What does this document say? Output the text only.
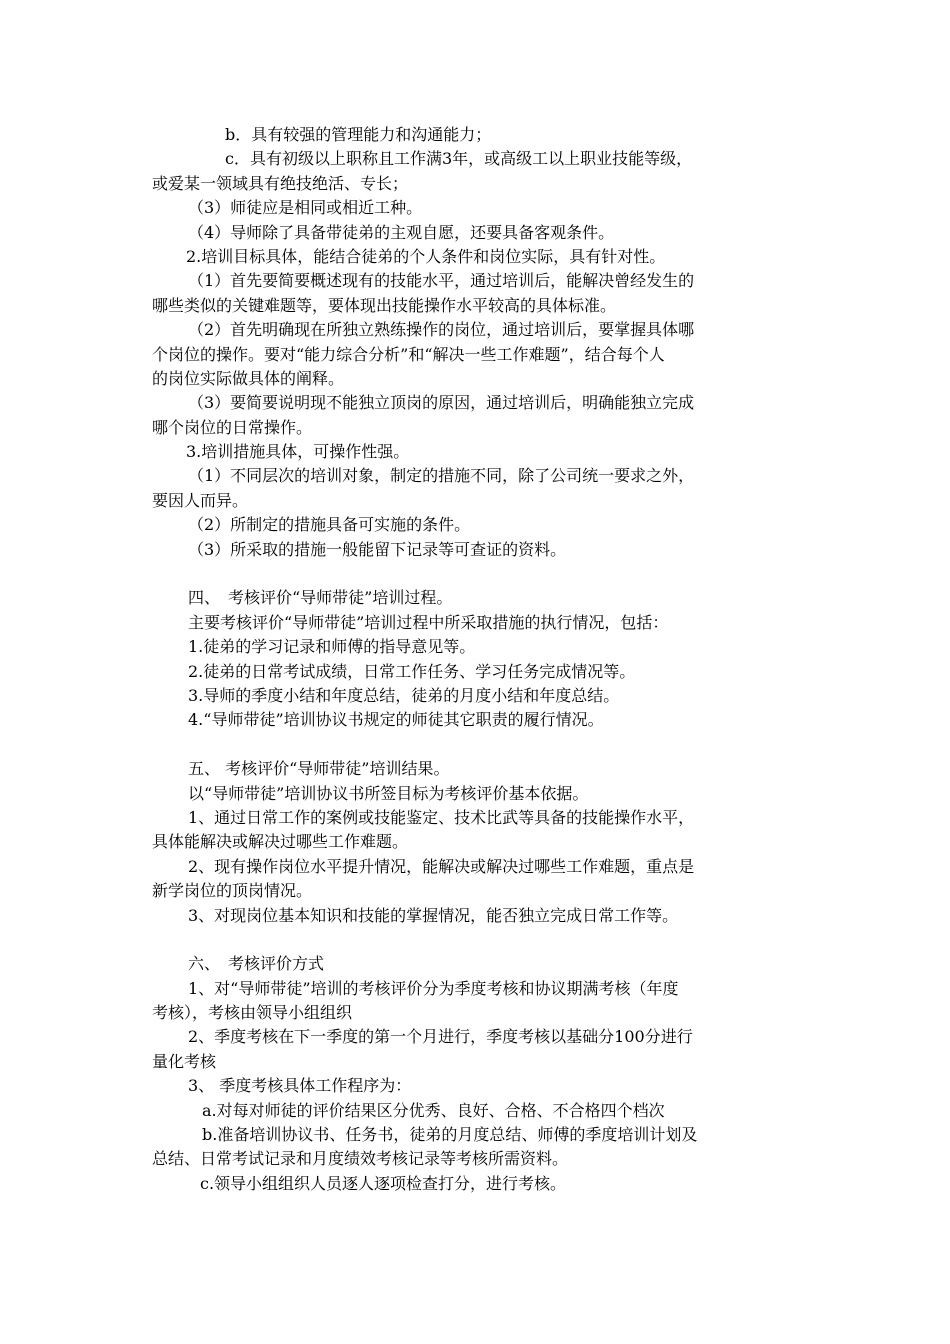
b．具有较强的管理能力和沟通能力；
c．具有初级以上职称且工作满3年，或高级工以上职业技能等级，
或爱某一领域具有绝技绝活、专长；
（3）师徒应是相同或相近工种。
（4）导师除了具备带徒弟的主观自愿，还要具备客观条件。
2.培训目标具体，能结合徒弟的个人条件和岗位实际，具有针对性。
（1）首先要简要概述现有的技能水平，通过培训后，能解决曾经发生的
哪些类似的关键难题等，要体现出技能操作水平较高的具体标准。
（2）首先明确现在所独立熟练操作的岗位，通过培训后，要掌握具体哪
个岗位的操作。要对“能力综合分析”和“解决一些工作难题”，结合每个人
的岗位实际做具体的阐释。
（3）要简要说明现不能独立顶岗的原因，通过培训后，明确能独立完成
哪个岗位的日常操作。
3.培训措施具体，可操作性强。
（1）不同层次的培训对象，制定的措施不同，除了公司统一要求之外，
要因人而异。
（2）所制定的措施具备可实施的条件。
（3）所采取的措施一般能留下记录等可查证的资料。
四、　考核评价“导师带徒”培训过程。
主要考核评价“导师带徒”培训过程中所采取措施的执行情况，包括：
1.徒弟的学习记录和师傅的指导意见等。
2.徒弟的日常考试成绩，日常工作任务、学习任务完成情况等。
3.导师的季度小结和年度总结，徒弟的月度小结和年度总结。
4.“导师带徒”培训协议书规定的师徒其它职责的履行情况。
五、 考核评价“导师带徒”培训结果。
以“导师带徒”培训协议书所签目标为考核评价基本依据。
1、通过日常工作的案例或技能鉴定、技术比武等具备的技能操作水平，
具体能解决或解决过哪些工作难题。
2、现有操作岗位水平提升情况，能解决或解决过哪些工作难题，重点是
新学岗位的顶岗情况。
3、对现岗位基本知识和技能的掌握情况，能否独立完成日常工作等。
六、　考核评价方式
1、对“导师带徒”培训的考核评价分为季度考核和协议期满考核（年度
考核），考核由领导小组组织
2、季度考核在下一季度的第一个月进行，季度考核以基础分100分进行
量化考核
3、 季度考核具体工作程序为：
a.对每对师徒的评价结果区分优秀、良好、合格、不合格四个档次
b.准备培训协议书、任务书，徒弟的月度总结、师傅的季度培训计划及
总结、日常考试记录和月度绩效考核记录等考核所需资料。
c.领导小组组织人员逐人逐项检查打分，进行考核。
